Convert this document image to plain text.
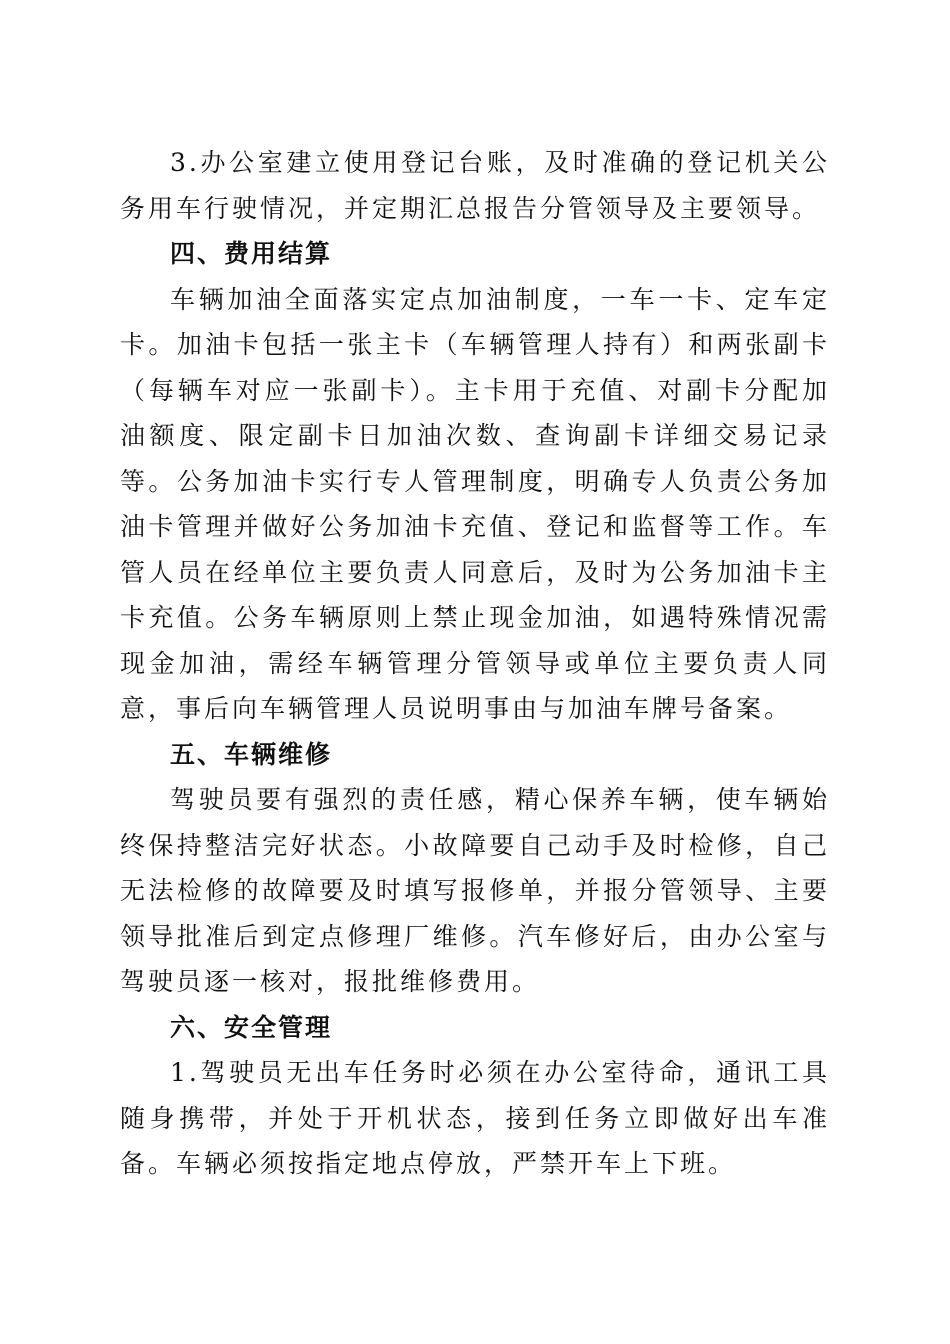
3.办公室建立使用登记台账，及时准确的登记机关公务用车行驶情况，并定期汇总报告分管领导及主要领导。

四、费用结算

车辆加油全面落实定点加油制度，一车一卡、定车定卡。加油卡包括一张主卡（车辆管理人持有）和两张副卡（每辆车对应一张副卡）。主卡用于充值、对副卡分配加油额度、限定副卡日加油次数、查询副卡详细交易记录等。公务加油卡实行专人管理制度，明确专人负责公务加油卡管理并做好公务加油卡充值、登记和监督等工作。车管人员在经单位主要负责人同意后，及时为公务加油卡主卡充值。公务车辆原则上禁止现金加油，如遇特殊情况需现金加油，需经车辆管理分管领导或单位主要负责人同意，事后向车辆管理人员说明事由与加油车牌号备案。

五、车辆维修

驾驶员要有强烈的责任感，精心保养车辆，使车辆始终保持整洁完好状态。小故障要自己动手及时检修，自己无法检修的故障要及时填写报修单，并报分管领导、主要领导批准后到定点修理厂维修。汽车修好后，由办公室与驾驶员逐一核对，报批维修费用。

六、安全管理

1.驾驶员无出车任务时必须在办公室待命，通讯工具随身携带，并处于开机状态，接到任务立即做好出车准备。车辆必须按指定地点停放，严禁开车上下班。
